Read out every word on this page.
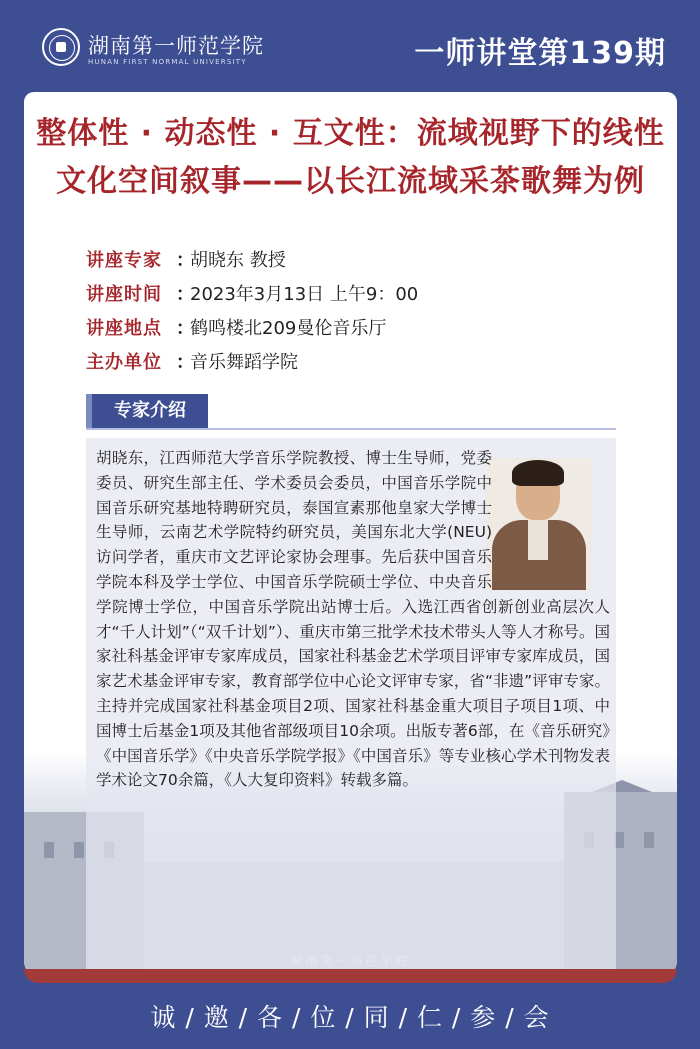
湖南第一师范学院
HUNAN FIRST NORMAL UNIVERSITY	一师讲堂第139期
整体性 · 动态性 · 互文性：流域视野下的线性
文化空间叙事——以长江流域采茶歌舞为例
讲座专家 ：
胡晓东 教授
讲座时间 ：
2023年3月13日 上午9：00
讲座地点 ：
鹤鸣楼北209曼伦音乐厅
主办单位 ：
音乐舞蹈学院
专家介绍
胡晓东，江西师范大学音乐学院教授、博士生导师，党委委员、研究生部主任、学术委员会委员，中国音乐学院中国音乐研究基地特聘研究员，泰国宣素那他皇家大学博士生导师，云南艺术学院特约研究员，美国东北大学(NEU)访问学者，重庆市文艺评论家协会理事。先后获中国音乐学院本科及学士学位、中国音乐学院硕士学位、中央音乐学院博士学位，中国音乐学院出站博士后。入选江西省创新创业高层次人才“千人计划”（“双千计划”）、重庆市第三批学术技术带头人等人才称号。国家社科基金评审专家库成员，国家社科基金艺术学项目评审专家库成员，国家艺术基金评审专家，教育部学位中心论文评审专家，省“非遗”评审专家。主持并完成国家社科基金项目2项、国家社科基金重大项目子项目1项、中国博士后基金1项及其他省部级项目10余项。出版专著6部，在《音乐研究》《中国音乐学》《中央音乐学院学报》《中国音乐》等专业核心学术刊物发表学术论文70余篇，《人大复印资料》转载多篇。
诚 / 邀 / 各 / 位 / 同 / 仁 / 参 / 会
